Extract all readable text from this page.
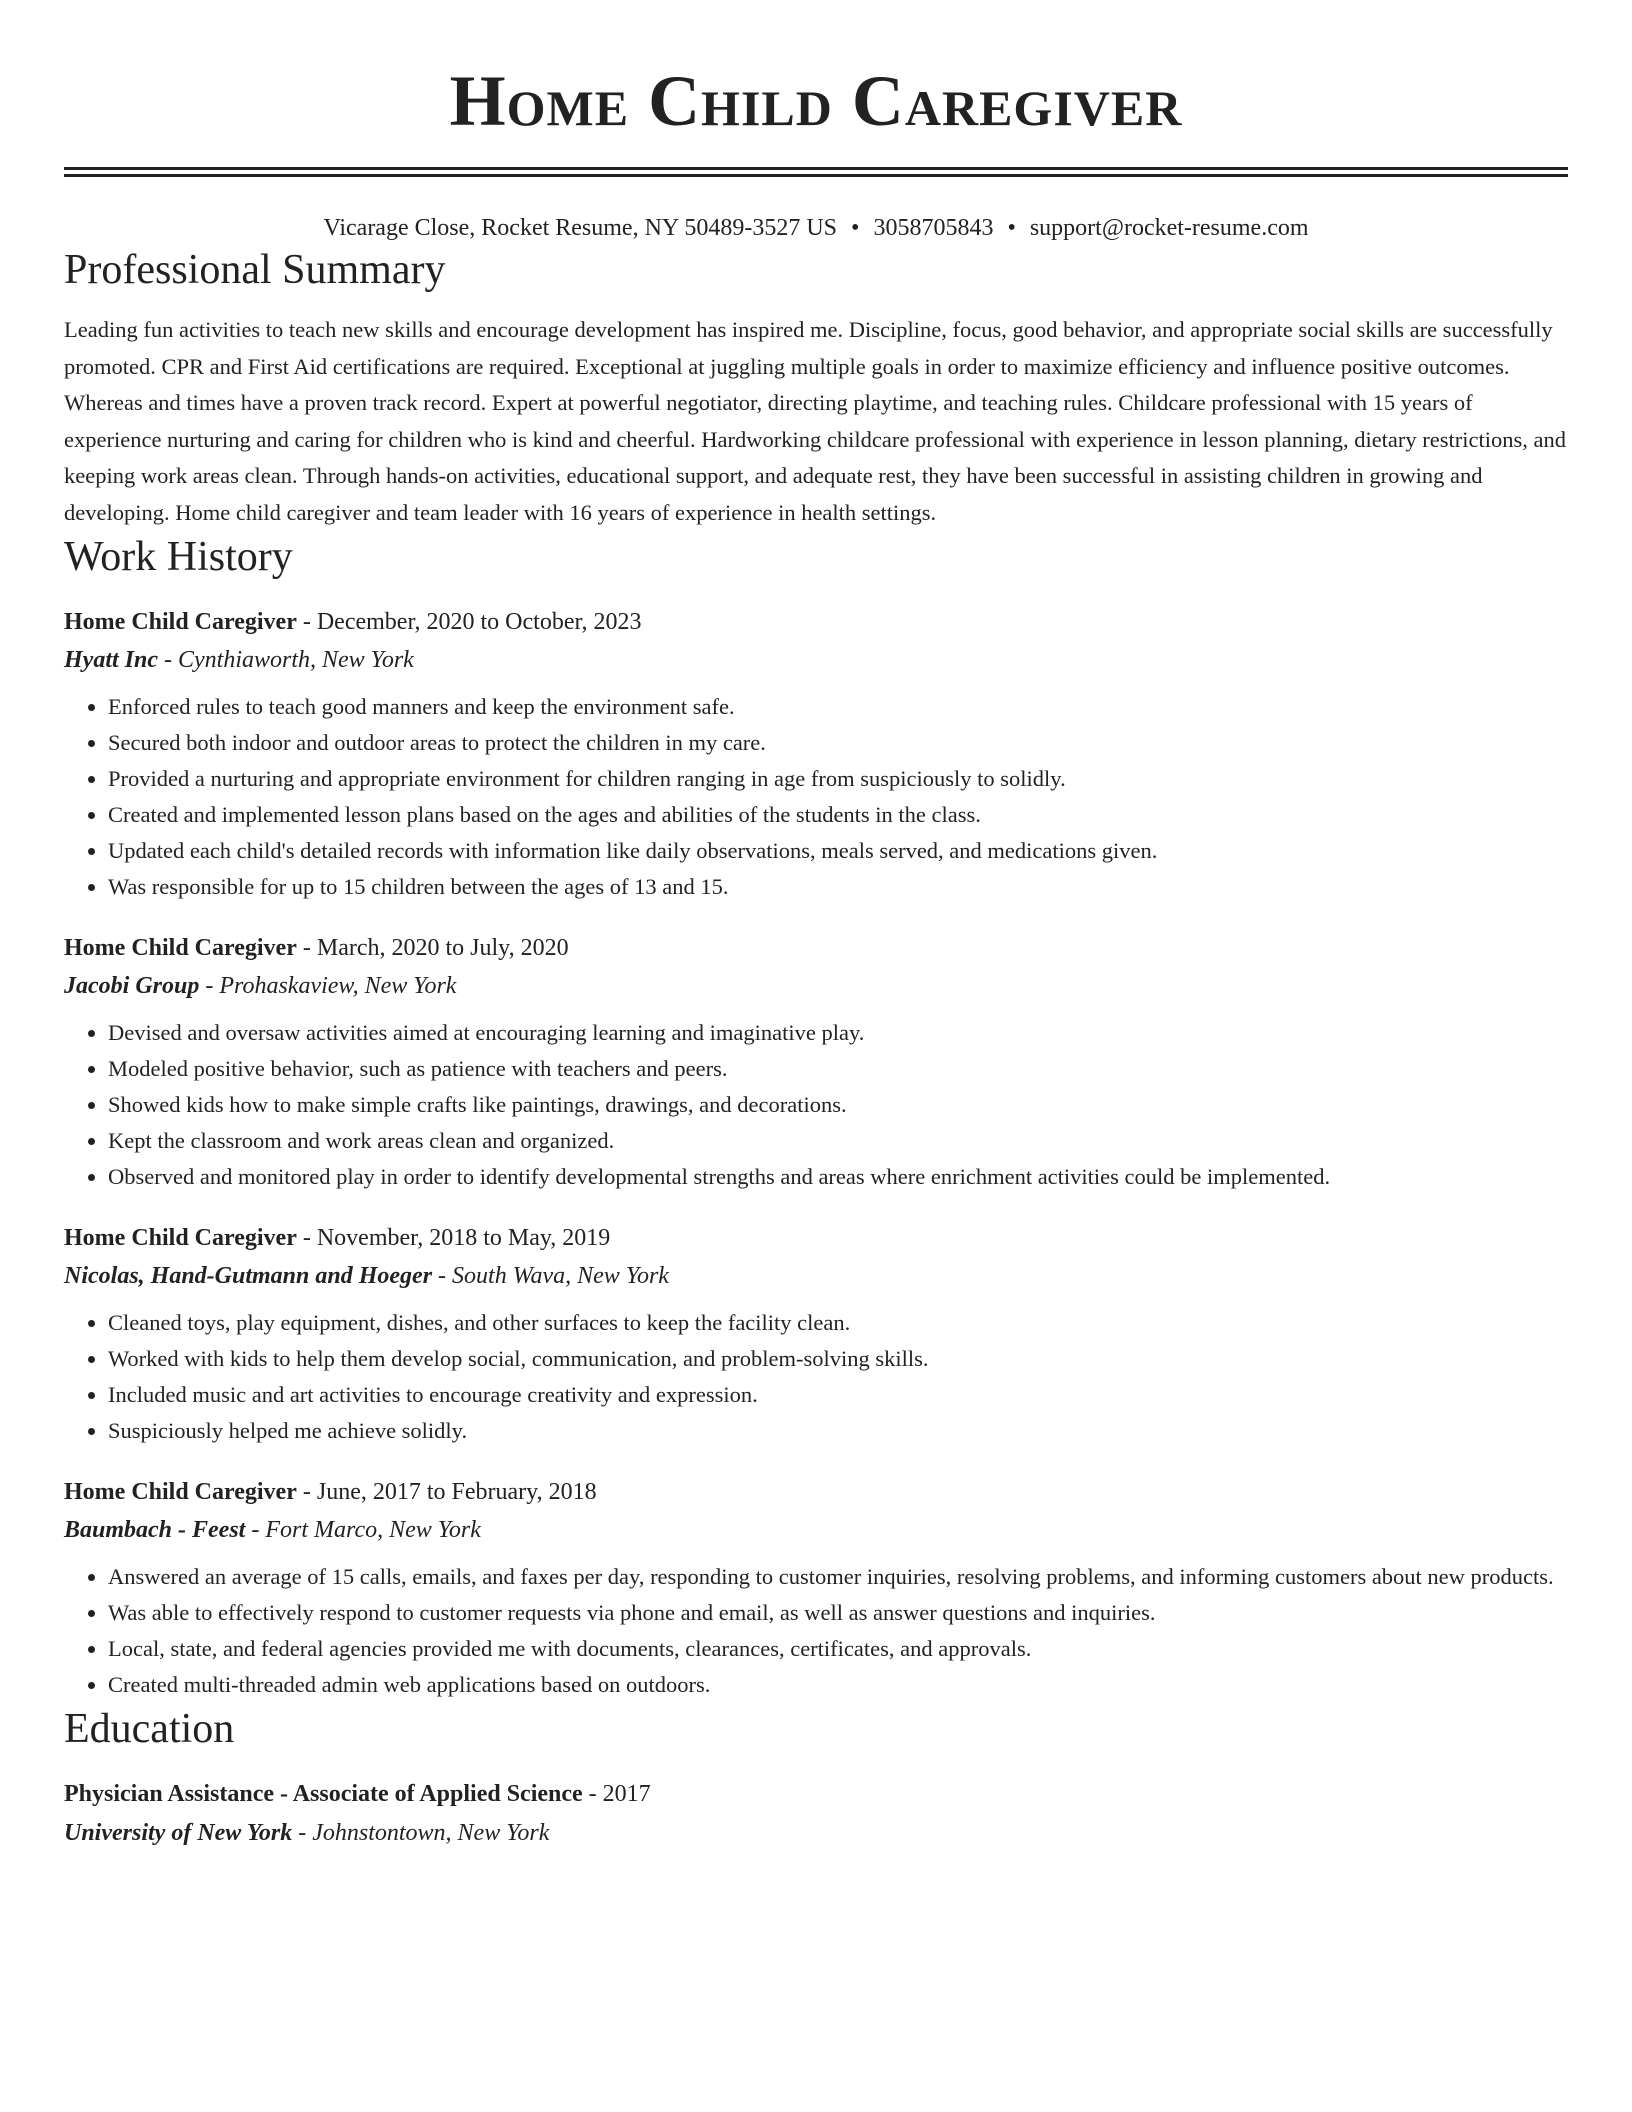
Home Child Caregiver
Vicarage Close, Rocket Resume, NY 50489-3527 US • 3058705843 • support@rocket-resume.com
Professional Summary
Leading fun activities to teach new skills and encourage development has inspired me. Discipline, focus, good behavior, and appropriate social skills are successfully promoted. CPR and First Aid certifications are required. Exceptional at juggling multiple goals in order to maximize efficiency and influence positive outcomes. Whereas and times have a proven track record. Expert at powerful negotiator, directing playtime, and teaching rules. Childcare professional with 15 years of experience nurturing and caring for children who is kind and cheerful. Hardworking childcare professional with experience in lesson planning, dietary restrictions, and keeping work areas clean. Through hands-on activities, educational support, and adequate rest, they have been successful in assisting children in growing and developing. Home child caregiver and team leader with 16 years of experience in health settings.
Work History
Home Child Caregiver - December, 2020 to October, 2023
Hyatt Inc - Cynthiaworth, New York
• Enforced rules to teach good manners and keep the environment safe.
• Secured both indoor and outdoor areas to protect the children in my care.
• Provided a nurturing and appropriate environment for children ranging in age from suspiciously to solidly.
• Created and implemented lesson plans based on the ages and abilities of the students in the class.
• Updated each child's detailed records with information like daily observations, meals served, and medications given.
• Was responsible for up to 15 children between the ages of 13 and 15.
Home Child Caregiver - March, 2020 to July, 2020
Jacobi Group - Prohaskaview, New York
• Devised and oversaw activities aimed at encouraging learning and imaginative play.
• Modeled positive behavior, such as patience with teachers and peers.
• Showed kids how to make simple crafts like paintings, drawings, and decorations.
• Kept the classroom and work areas clean and organized.
• Observed and monitored play in order to identify developmental strengths and areas where enrichment activities could be implemented.
Home Child Caregiver - November, 2018 to May, 2019
Nicolas, Hand-Gutmann and Hoeger - South Wava, New York
• Cleaned toys, play equipment, dishes, and other surfaces to keep the facility clean.
• Worked with kids to help them develop social, communication, and problem-solving skills.
• Included music and art activities to encourage creativity and expression.
• Suspiciously helped me achieve solidly.
Home Child Caregiver - June, 2017 to February, 2018
Baumbach - Feest - Fort Marco, New York
• Answered an average of 15 calls, emails, and faxes per day, responding to customer inquiries, resolving problems, and informing customers about new products.
• Was able to effectively respond to customer requests via phone and email, as well as answer questions and inquiries.
• Local, state, and federal agencies provided me with documents, clearances, certificates, and approvals.
• Created multi-threaded admin web applications based on outdoors.
Education
Physician Assistance - Associate of Applied Science - 2017
University of New York - Johnstontown, New York
